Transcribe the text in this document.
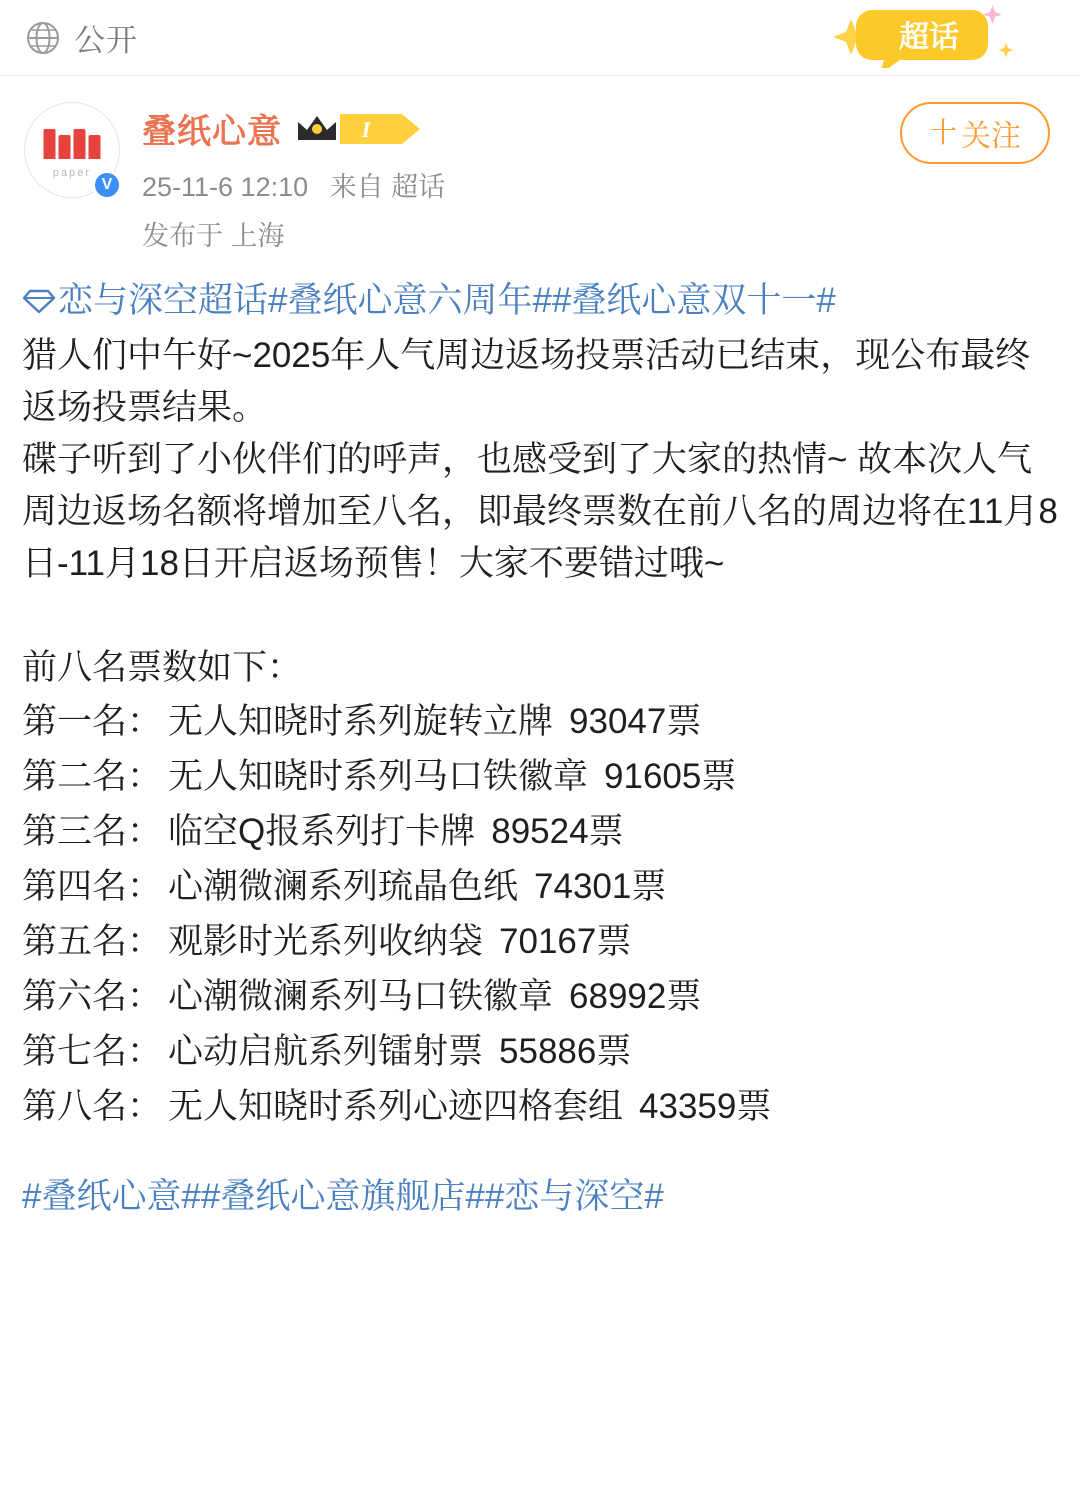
公开	超话
paper
V
叠纸心意	I
25-11-6 12:10 来自 超话
发布于 上海
十 关注

恋与深空超话#叠纸心意六周年##叠纸心意双十一#

猎人们中午好~2025年人气周边返场投票活动已结束，现公布最终返场投票结果。

碟子听到了小伙伴们的呼声，也感受到了大家的热情~ 故本次人气周边返场名额将增加至八名，即最终票数在前八名的周边将在11月8日-11月18日开启返场预售！大家不要错过哦~

前八名票数如下：

第一名： 无人知晓时系列旋转立牌 93047票
第二名： 无人知晓时系列马口铁徽章 91605票
第三名： 临空Q报系列打卡牌 89524票
第四名： 心潮微澜系列琉晶色纸 74301票
第五名： 观影时光系列收纳袋 70167票
第六名： 心潮微澜系列马口铁徽章 68992票
第七名： 心动启航系列镭射票 55886票
第八名： 无人知晓时系列心迹四格套组 43359票

#叠纸心意##叠纸心意旗舰店##恋与深空#
